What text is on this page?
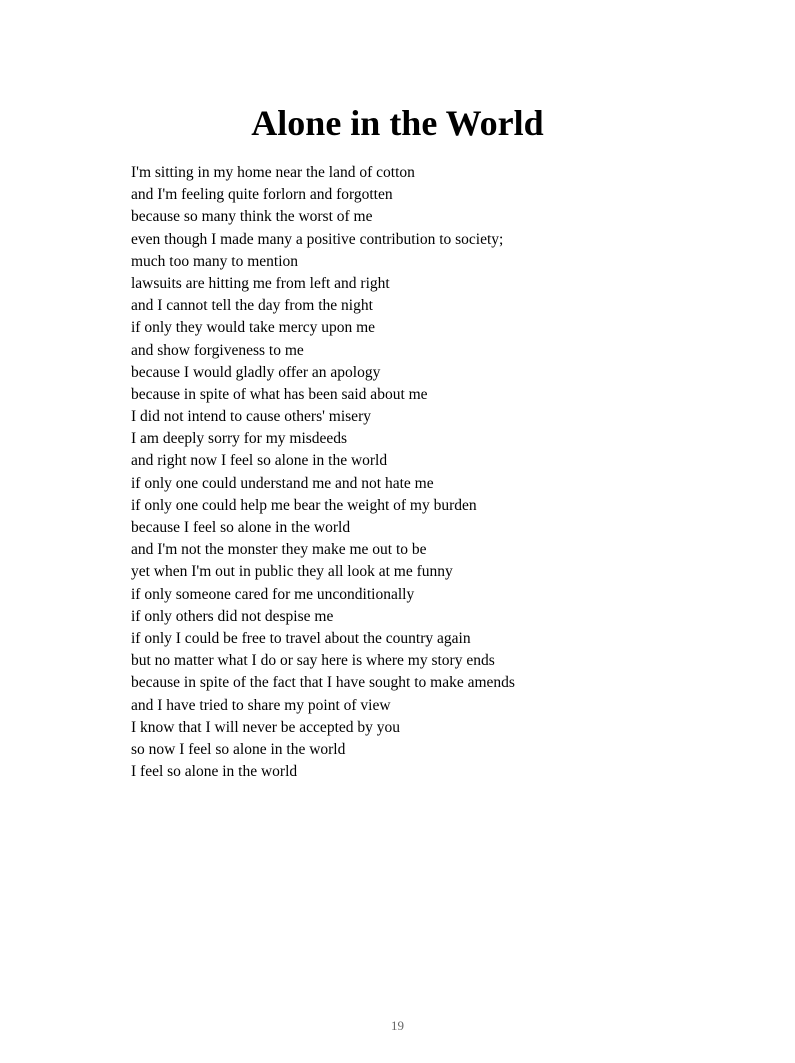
Alone in the World
I'm sitting in my home near the land of cotton
and I'm feeling quite forlorn and forgotten
because so many think the worst of me
even though I made many a positive contribution to society;
much too many to mention
lawsuits are hitting me from left and right
and I cannot tell the day from the night
if only they would take mercy upon me
and show forgiveness to me
because I would gladly offer an apology
because in spite of what has been said about me
I did not intend to cause others' misery
I am deeply sorry for my misdeeds
and right now I feel so alone in the world
if only one could understand me and not hate me
if only one could help me bear the weight of my burden
because I feel so alone in the world
and I'm not the monster they make me out to be
yet when I'm out in public they all look at me funny
if only someone cared for me unconditionally
if only others did not despise me
if only I could be free to travel about the country again
but no matter what I do or say here is where my story ends
because in spite of the fact that I have sought to make amends
and I have tried to share my point of view
I know that I will never be accepted by you
so now I feel so alone in the world
I feel so alone in the world
19
